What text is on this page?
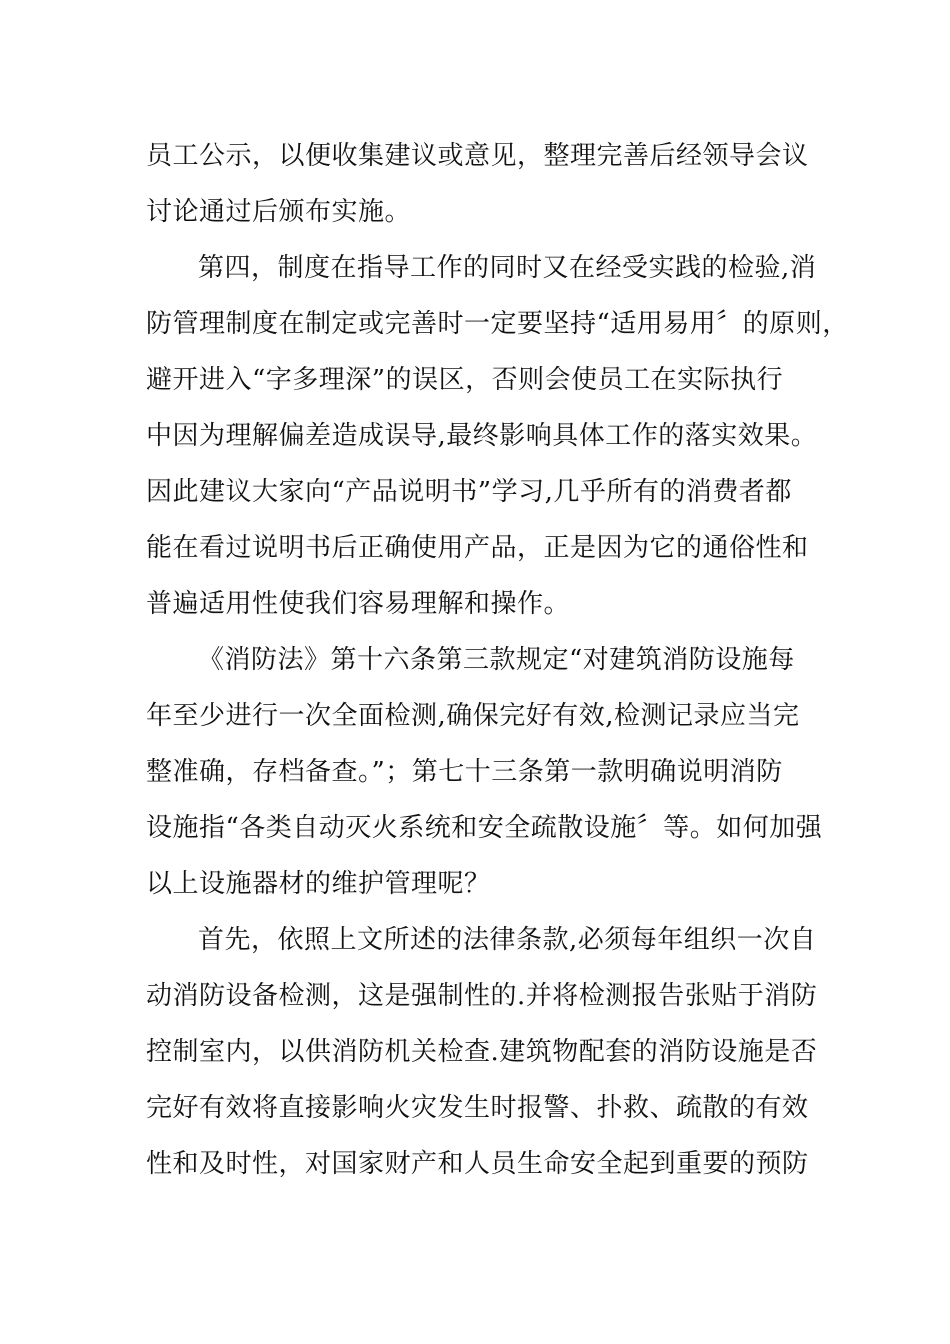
员工公示，以便收集建议或意见，整理完善后经领导会议
讨论通过后颁布实施。
第四，制度在指导工作的同时又在经受实践的检验,消
防管理制度在制定或完善时一定要坚持“适用易用〞的原则，
避开进入“字多理深”的误区，否则会使员工在实际执行
中因为理解偏差造成误导,最终影响具体工作的落实效果。
因此建议大家向“产品说明书”学习,几乎所有的消费者都
能在看过说明书后正确使用产品，正是因为它的通俗性和
普遍适用性使我们容易理解和操作。
《消防法》第十六条第三款规定“对建筑消防设施每
年至少进行一次全面检测,确保完好有效,检测记录应当完
整准确，存档备查。”；第七十三条第一款明确说明消防
设施指“各类自动灭火系统和安全疏散设施〞等。如何加强
以上设施器材的维护管理呢？
首先，依照上文所述的法律条款,必须每年组织一次自
动消防设备检测，这是强制性的.并将检测报告张贴于消防
控制室内，以供消防机关检查.建筑物配套的消防设施是否
完好有效将直接影响火灾发生时报警、扑救、疏散的有效
性和及时性，对国家财产和人员生命安全起到重要的预防
